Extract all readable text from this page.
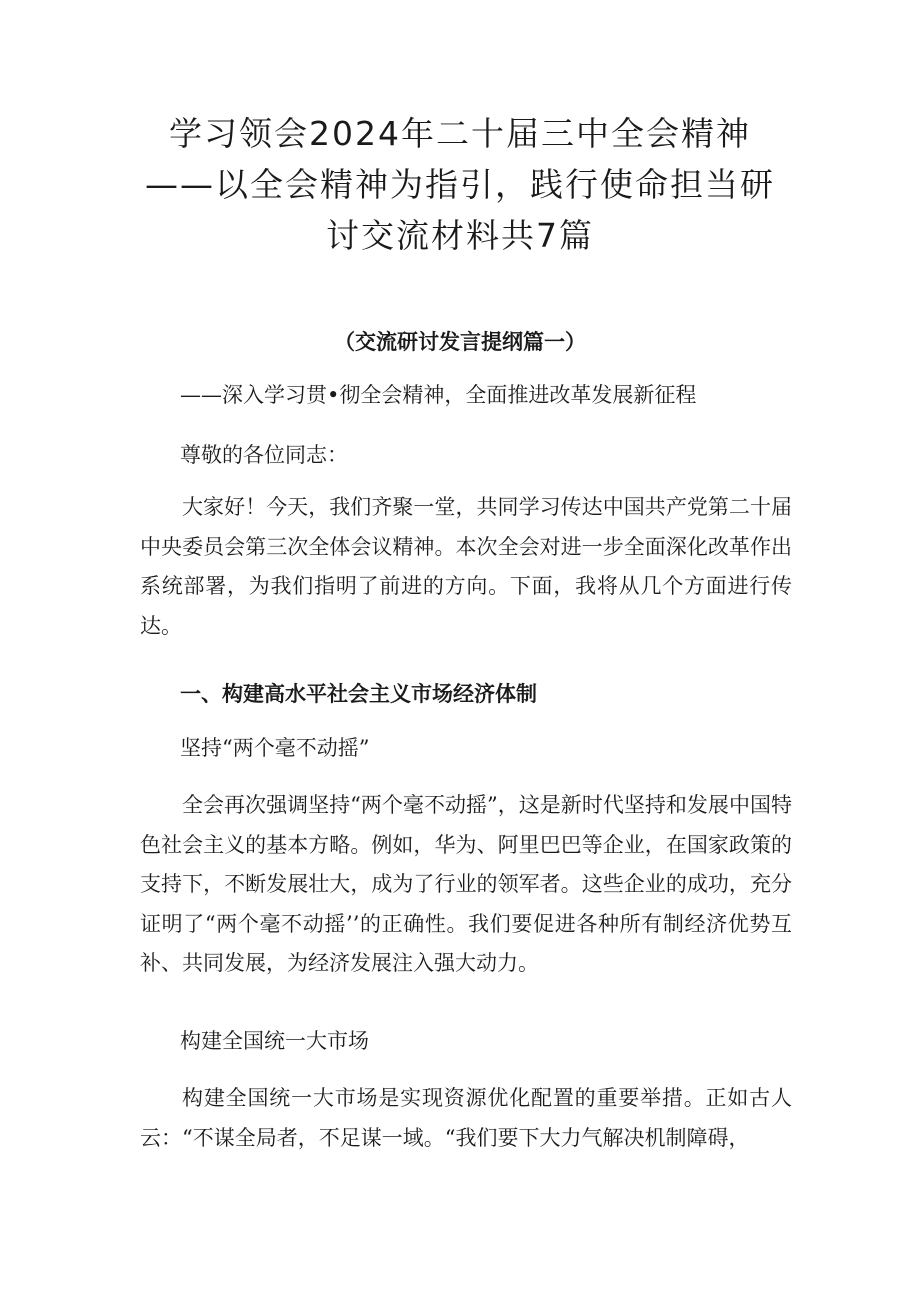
学习领会2024年二十届三中全会精神——以全会精神为指引，践行使命担当研讨交流材料共7篇
（交流研讨发言提纲篇一）
——深入学习贯•彻全会精神，全面推进改革发展新征程
尊敬的各位同志：

大家好！今天，我们齐聚一堂，共同学习传达中国共产党第二十届中央委员会第三次全体会议精神。本次全会对进一步全面深化改革作出系统部署，为我们指明了前进的方向。下面，我将从几个方面进行传达。

一、构建高水平社会主义市场经济体制
坚持“两个毫不动摇”

全会再次强调坚持“两个毫不动摇”，这是新时代坚持和发展中国特色社会主义的基本方略。例如，华为、阿里巴巴等企业，在国家政策的支持下，不断发展壮大，成为了行业的领军者。这些企业的成功，充分证明了“两个毫不动摇’’的正确性。我们要促进各种所有制经济优势互补、共同发展，为经济发展注入强大动力。

构建全国统一大市场

构建全国统一大市场是实现资源优化配置的重要举措。正如古人云：“不谋全局者，不足谋一域。“我们要下大力气解决机制障碍，
